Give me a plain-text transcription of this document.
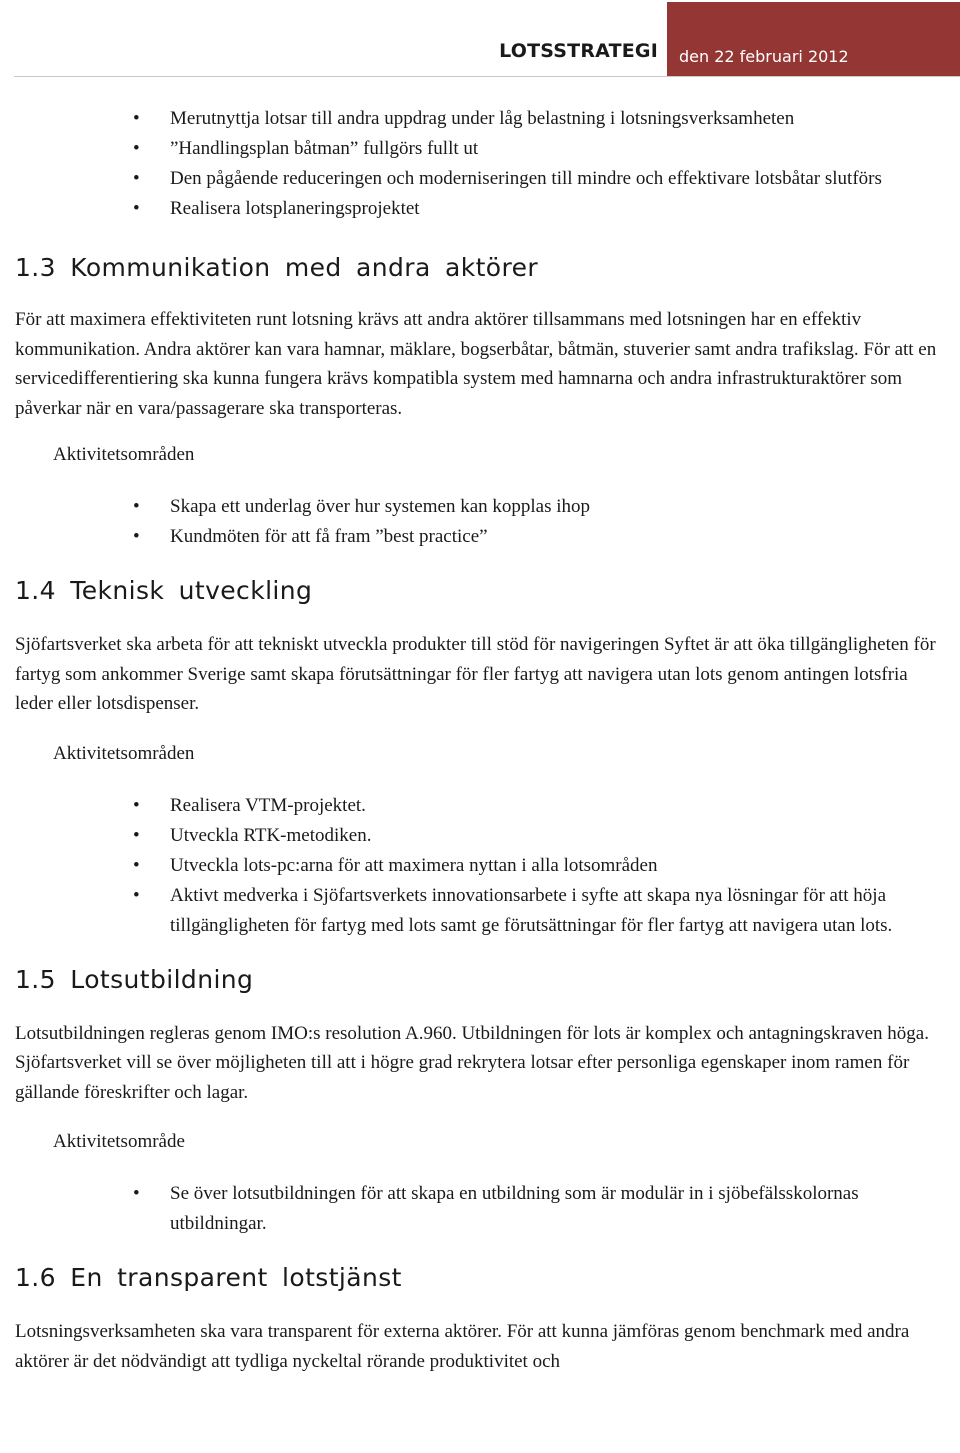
LOTSSTRATEGI den 22 februari 2012
• Merutnyttja lotsar till andra uppdrag under låg belastning i lotsningsverksamheten
• ”Handlingsplan båtman” fullgörs fullt ut
• Den pågående reduceringen och moderniseringen till mindre och effektivare lotsbåtar slutförs
• Realisera lotsplaneringsprojektet
1.3 Kommunikation med andra aktörer

För att maximera effektiviteten runt lotsning krävs att andra aktörer tillsammans med lotsningen har en effektiv kommunikation. Andra aktörer kan vara hamnar, mäklare, bogserbåtar, båtmän, stuverier samt andra trafikslag. För att en servicedifferentiering ska kunna fungera krävs kompatibla system med hamnarna och andra infrastrukturaktörer som påverkar när en vara/passagerare ska transporteras.

Aktivitetsområden

• Skapa ett underlag över hur systemen kan kopplas ihop
• Kundmöten för att få fram ”best practice”
1.4 Teknisk utveckling

Sjöfartsverket ska arbeta för att tekniskt utveckla produkter till stöd för navigeringen Syftet är att öka tillgängligheten för fartyg som ankommer Sverige samt skapa förutsättningar för fler fartyg att navigera utan lots genom antingen lotsfria leder eller lotsdispenser.

Aktivitetsområden

• Realisera VTM-projektet.
• Utveckla RTK-metodiken.
• Utveckla lots-pc:arna för att maximera nyttan i alla lotsområden
• Aktivt medverka i Sjöfartsverkets innovationsarbete i syfte att skapa nya lösningar för att höja tillgängligheten för fartyg med lots samt ge förutsättningar för fler fartyg att navigera utan lots.
1.5 Lotsutbildning

Lotsutbildningen regleras genom IMO:s resolution A.960. Utbildningen för lots är komplex och antagningskraven höga. Sjöfartsverket vill se över möjligheten till att i högre grad rekrytera lotsar efter personliga egenskaper inom ramen för gällande föreskrifter och lagar.

Aktivitetsområde

• Se över lotsutbildningen för att skapa en utbildning som är modulär in i sjöbefälsskolornas utbildningar.
1.6 En transparent lotstjänst

Lotsningsverksamheten ska vara transparent för externa aktörer. För att kunna jämföras genom benchmark med andra aktörer är det nödvändigt att tydliga nyckeltal rörande produktivitet och
